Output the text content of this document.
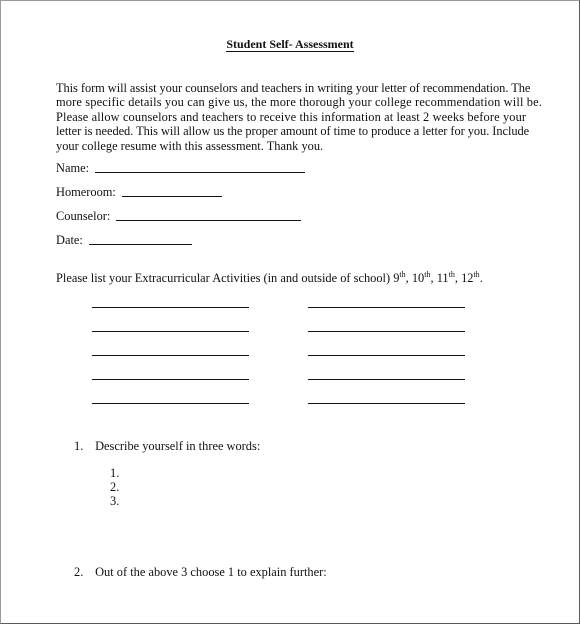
Student Self- Assessment
This form will assist your counselors and teachers in writing your letter of recommendation. The
more specific details you can give us, the more thorough your college recommendation will be.
Please allow counselors and teachers to receive this information at least 2 weeks before your
letter is needed. This will allow us the proper amount of time to produce a letter for you. Include
your college resume with this assessment. Thank you.
Name:
Homeroom:
Counselor:
Date:
Please list your Extracurricular Activities (in and outside of school) 9th, 10th, 11th, 12th.
1. Describe yourself in three words:
1.
2.
3.
2. Out of the above 3 choose 1 to explain further:
